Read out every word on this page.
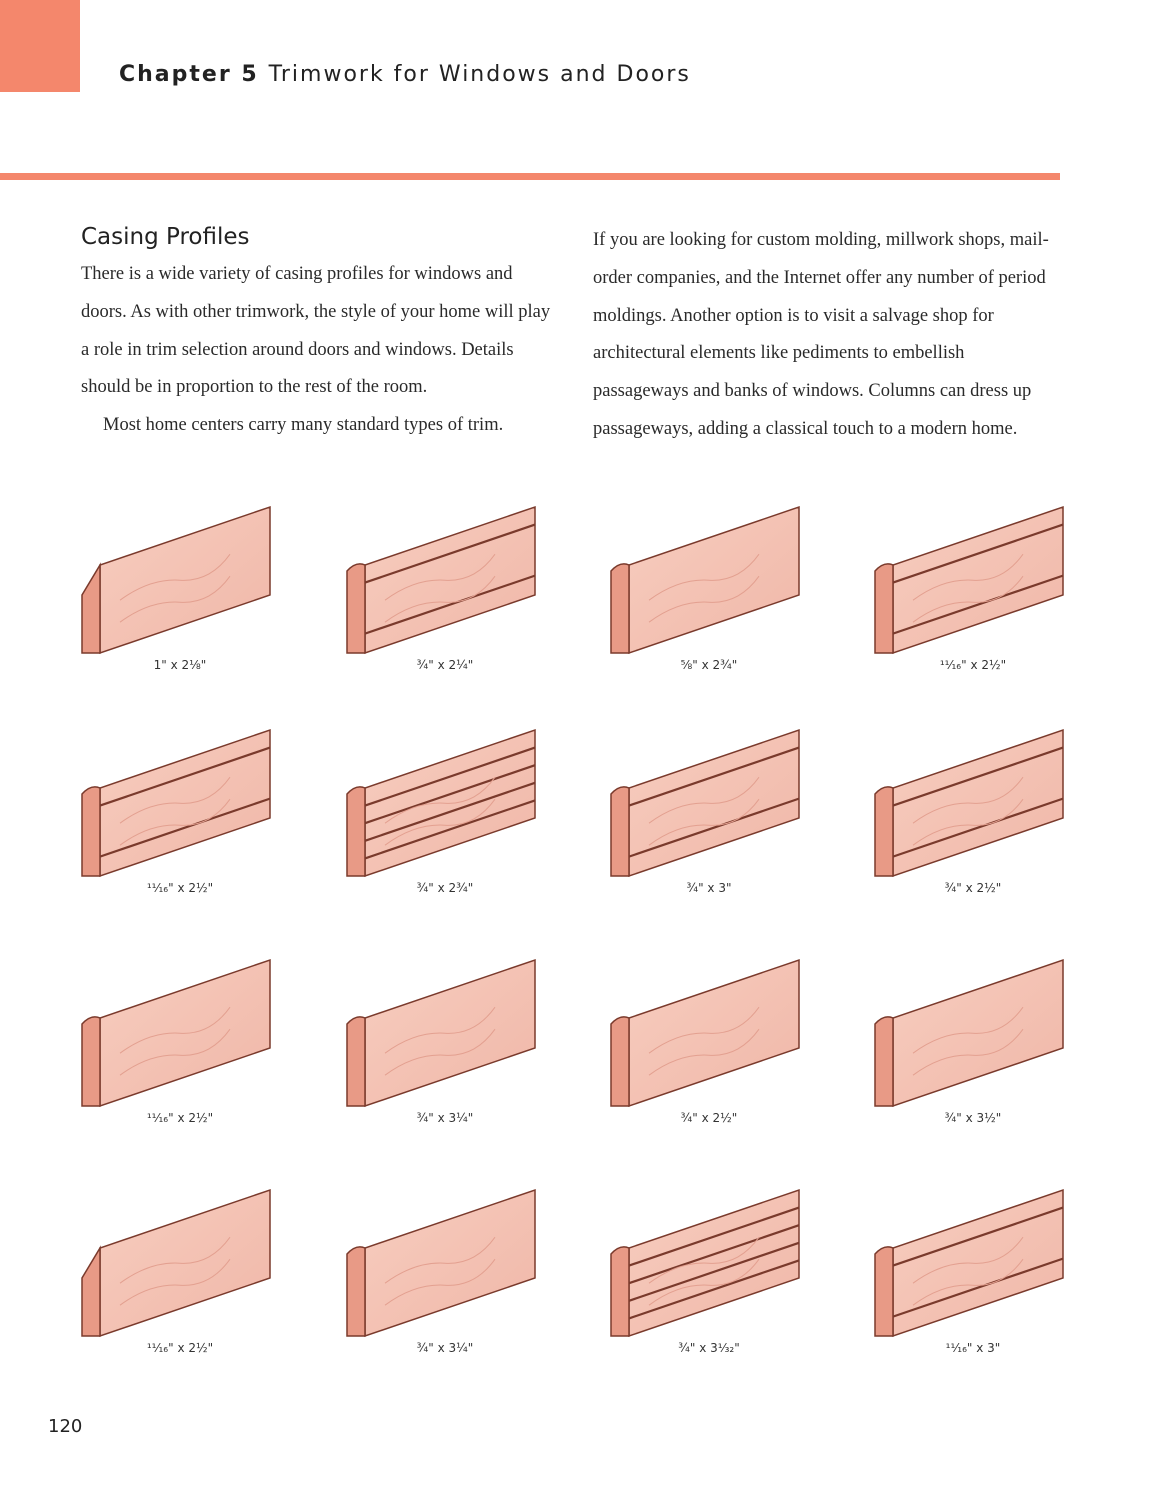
Chapter 5 Trimwork for Windows and Doors
Casing Profiles

There is a wide variety of casing profiles for windows and doors. As with other trimwork, the style of your home will play a role in trim selection around doors and windows. Details should be in proportion to the rest of the room.

Most home centers carry many standard types of trim.

If you are looking for custom molding, millwork shops, mail-order companies, and the Internet offer any number of period moldings. Another option is to visit a salvage shop for architectural elements like pediments to embellish passageways and banks of windows. Columns can dress up passageways, adding a classical touch to a modern home.

1" x 2⅛"	¾" x 2¼"	⅝" x 2¾"	¹¹⁄₁₆" x 2½"
¹¹⁄₁₆" x 2½"	¾" x 2¾"	¾" x 3"	¾" x 2½"
¹¹⁄₁₆" x 2½"	¾" x 3¼"	¾" x 2½"	¾" x 3½"
¹¹⁄₁₆" x 2½"	¾" x 3¼"	¾" x 3¹⁄₃₂"	¹¹⁄₁₆" x 3"
120
